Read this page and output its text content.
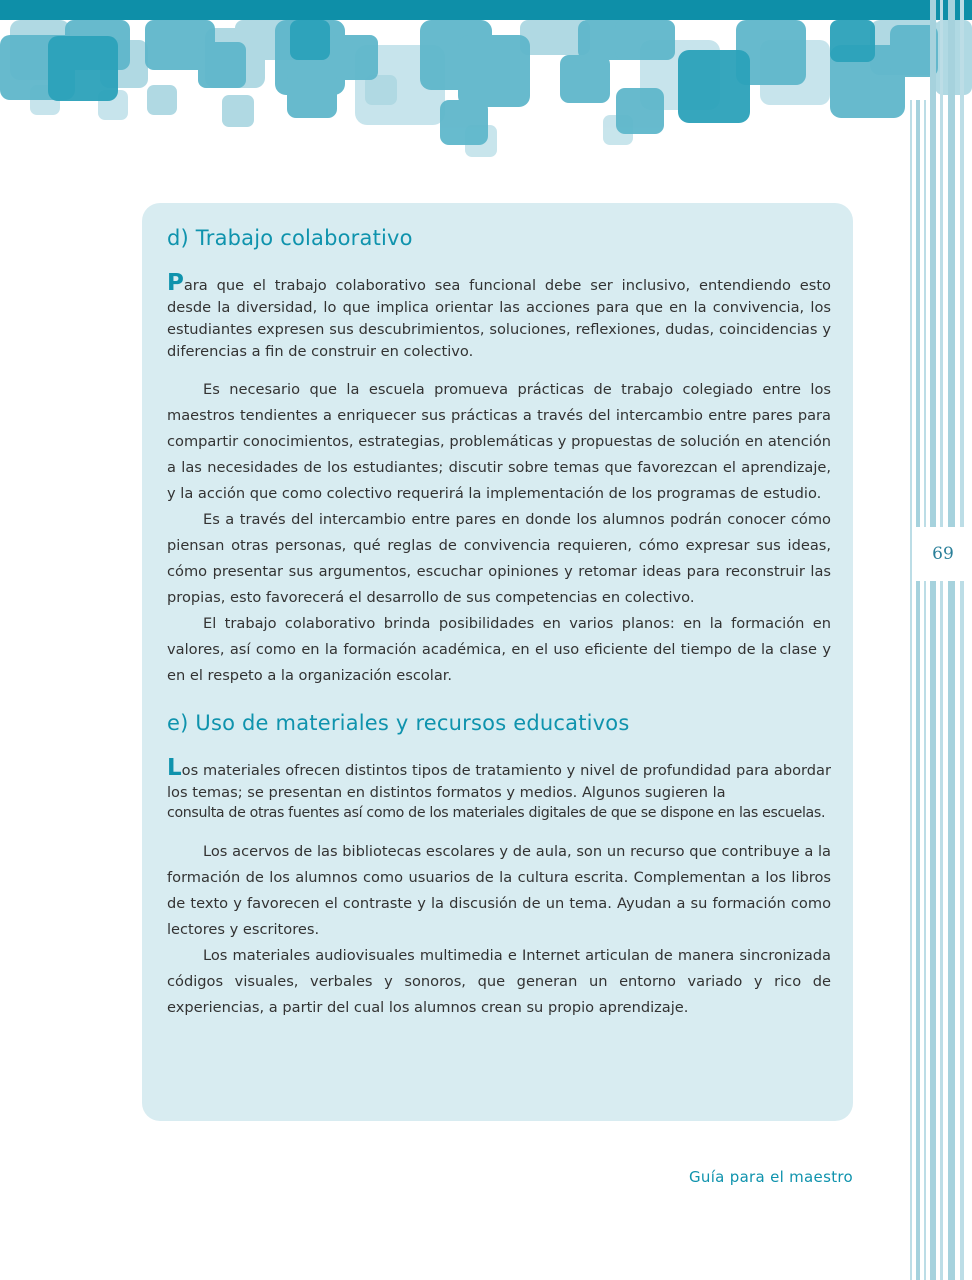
69
d) Trabajo colaborativo

Para que el trabajo colaborativo sea funcional debe ser inclusivo, entendiendo esto desde la diversidad, lo que implica orientar las acciones para que en la convivencia, los estudiantes expresen sus descubrimientos, soluciones, reflexiones, dudas, coincidencias y diferencias a fin de construir en colectivo.

Es necesario que la escuela promueva prácticas de trabajo colegiado entre los maestros tendientes a enriquecer sus prácticas a través del intercambio entre pares para compartir conocimientos, estrategias, problemáticas y propuestas de solución en atención a las necesidades de los estudiantes; discutir sobre temas que favorezcan el aprendizaje, y la acción que como colectivo requerirá la implementación de los programas de estudio.

Es a través del intercambio entre pares en donde los alumnos podrán conocer cómo piensan otras personas, qué reglas de convivencia requieren, cómo expresar sus ideas, cómo presentar sus argumentos, escuchar opiniones y retomar ideas para reconstruir las propias, esto favorecerá el desarrollo de sus competencias en colectivo.

El trabajo colaborativo brinda posibilidades en varios planos: en la formación en valores, así como en la formación académica, en el uso eficiente del tiempo de la clase y en el respeto a la organización escolar.

e) Uso de materiales y recursos educativos

Los materiales ofrecen distintos tipos de tratamiento y nivel de profundidad para abordar los temas; se presentan en distintos formatos y medios. Algunos sugieren la

consulta de otras fuentes así como de los materiales digitales de que se dispone en las escuelas.

Los acervos de las bibliotecas escolares y de aula, son un recurso que contribuye a la formación de los alumnos como usuarios de la cultura escrita. Complementan a los libros de texto y favorecen el contraste y la discusión de un tema. Ayudan a su formación como lectores y escritores.

Los materiales audiovisuales multimedia e Internet articulan de manera sincronizada códigos visuales, verbales y sonoros, que generan un entorno variado y rico de experiencias, a partir del cual los alumnos crean su propio aprendizaje.

Guía para el maestro
